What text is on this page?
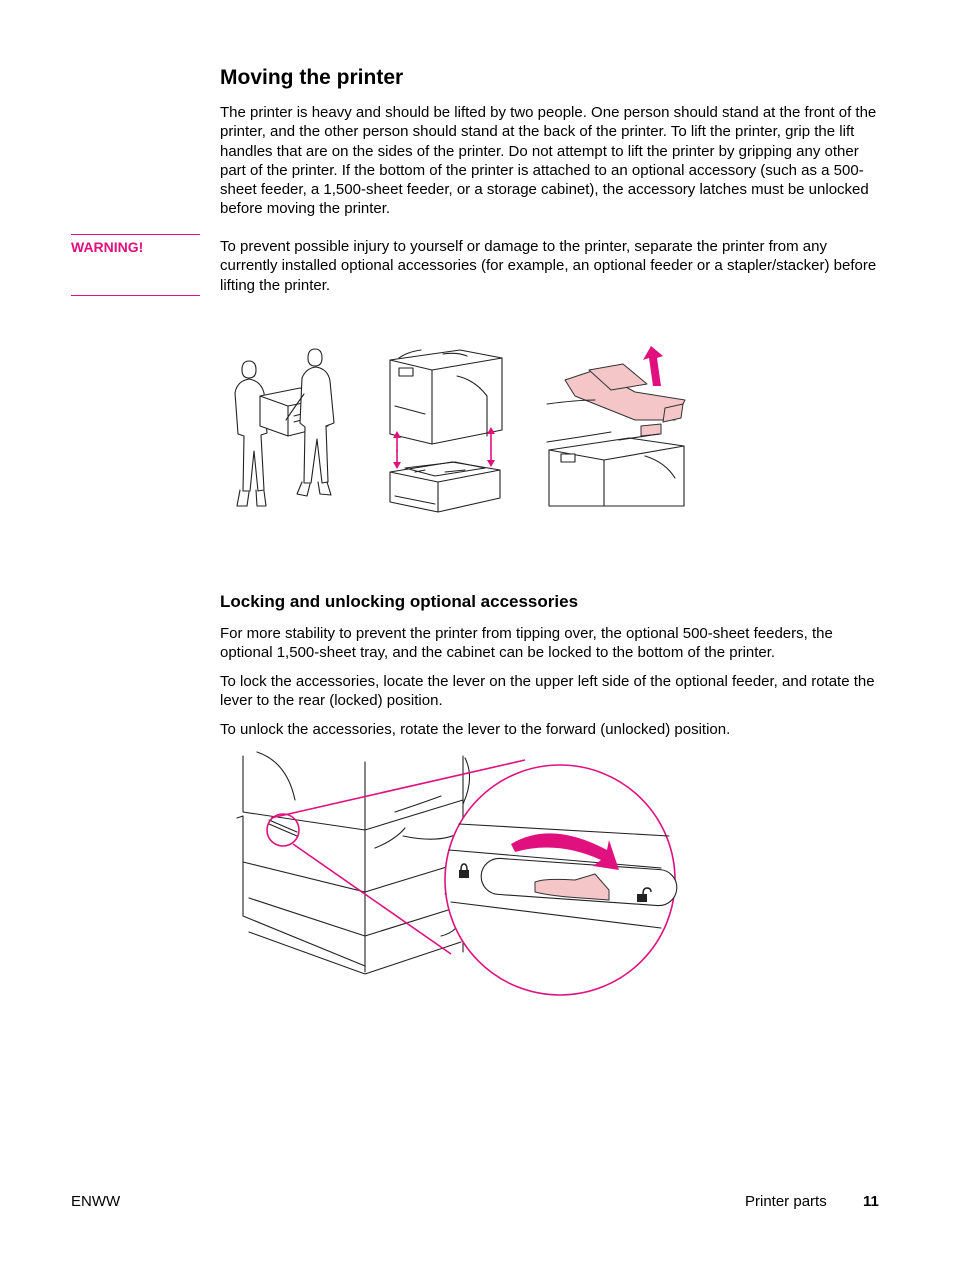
Moving the printer

The printer is heavy and should be lifted by two people. One person should stand at the front of the printer, and the other person should stand at the back of the printer. To lift the printer, grip the lift handles that are on the sides of the printer. Do not attempt to lift the printer by gripping any other part of the printer. If the bottom of the printer is attached to an optional accessory (such as a 500-sheet feeder, a 1,500-sheet feeder, or a storage cabinet), the accessory latches must be unlocked before moving the printer.

WARNING!	To prevent possible injury to yourself or damage to the printer, separate the printer from any currently installed optional accessories (for example, an optional feeder or a stapler/stacker) before lifting the printer.

Locking and unlocking optional accessories

For more stability to prevent the printer from tipping over, the optional 500-sheet feeders, the optional 1,500-sheet tray, and the cabinet can be locked to the bottom of the printer.

To lock the accessories, locate the lever on the upper left side of the optional feeder, and rotate the lever to the rear (locked) position.

To unlock the accessories, rotate the lever to the forward (unlocked) position.

ENWW	Printer parts 11
